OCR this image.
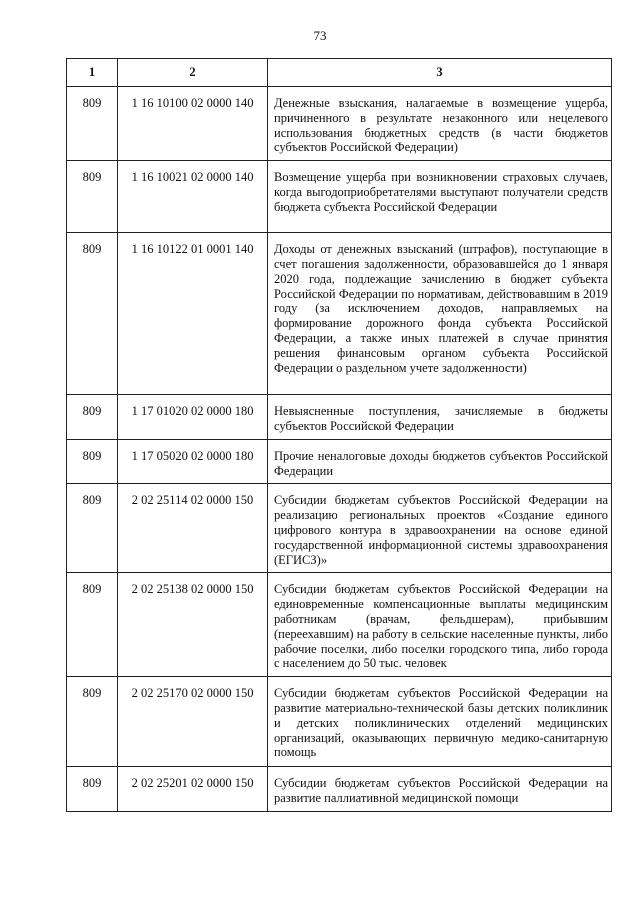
73
1	2	3
809	1 16 10100 02 0000 140	Денежные взыскания, налагаемые в возмещение ущерба, причиненного в результате незаконного или нецелевого использования бюджетных средств (в части бюджетов субъектов Российской Федерации)
809	1 16 10021 02 0000 140	Возмещение ущерба при возникновении страховых случаев, когда выгодоприобретателями выступают получатели средств бюджета субъекта Российской Федерации
809	1 16 10122 01 0001 140	Доходы от денежных взысканий (штрафов), поступающие в счет погашения задолженности, образовавшейся до 1 января 2020 года, подлежащие зачислению в бюджет субъекта Российской Федерации по нормативам, действовавшим в 2019 году (за исключением доходов, направляемых на формирование дорожного фонда субъекта Российской Федерации, а также иных платежей в случае принятия решения финансовым органом субъекта Российской Федерации о раздельном учете задолженности)
809	1 17 01020 02 0000 180	Невыясненные поступления, зачисляемые в бюджеты субъектов Российской Федерации
809	1 17 05020 02 0000 180	Прочие неналоговые доходы бюджетов субъектов Российской Федерации
809	2 02 25114 02 0000 150	Субсидии бюджетам субъектов Российской Федерации на реализацию региональных проектов «Создание единого цифрового контура в здравоохранении на основе единой государственной информационной системы здравоохранения (ЕГИСЗ)»
809	2 02 25138 02 0000 150	Субсидии бюджетам субъектов Российской Федерации на единовременные компенсационные выплаты медицинским работникам (врачам, фельдшерам), прибывшим (переехавшим) на работу в сельские населенные пункты, либо рабочие поселки, либо поселки городского типа, либо города с населением до 50 тыс. человек
809	2 02 25170 02 0000 150	Субсидии бюджетам субъектов Российской Федерации на развитие материально-технической базы детских поликлиник и детских поликлинических отделений медицинских организаций, оказывающих первичную медико-санитарную помощь
809	2 02 25201 02 0000 150	Субсидии бюджетам субъектов Российской Федерации на развитие паллиативной медицинской помощи
